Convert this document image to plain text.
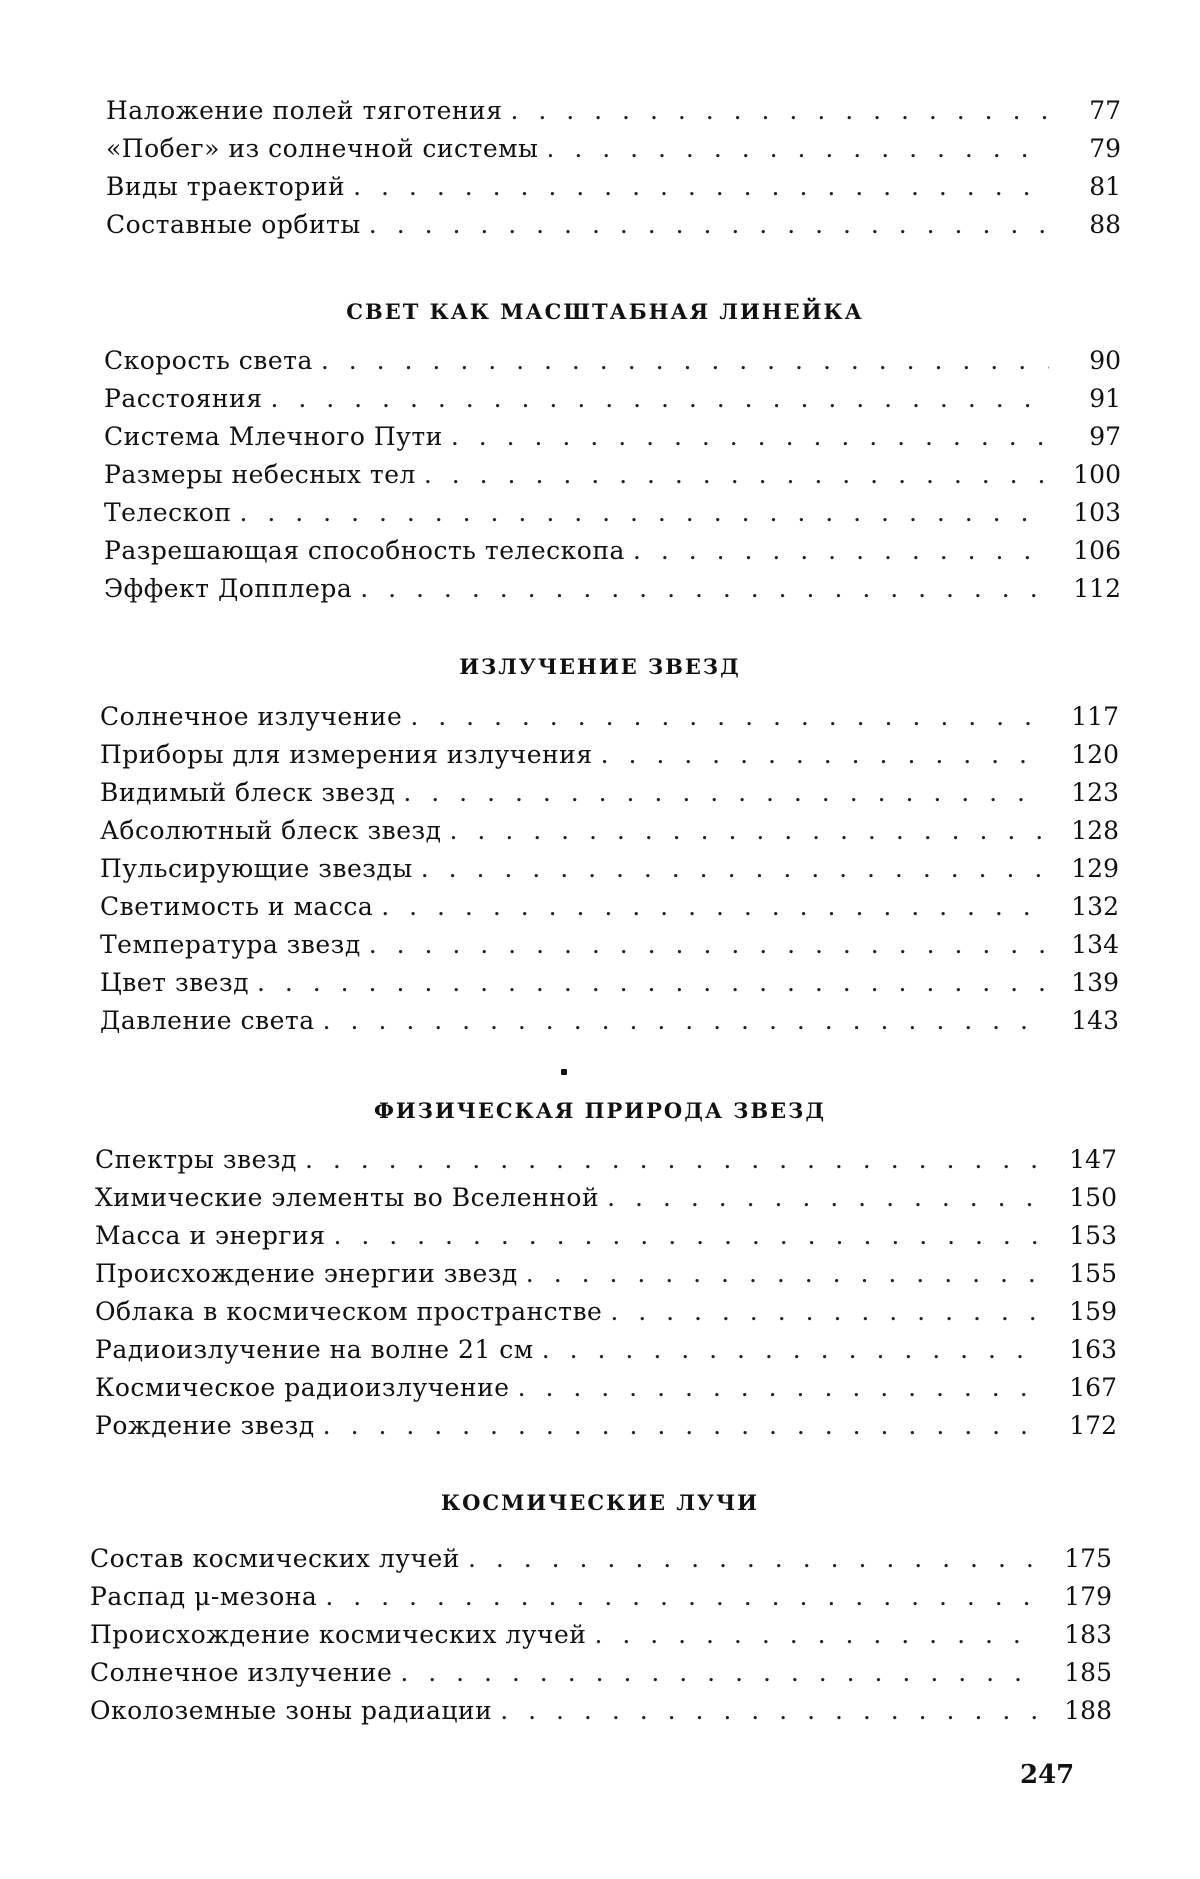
Наложение полей тяготения . . .	77
«Побег» из солнечной системы . . .	79
Виды траекторий . . .	81
Составные орбиты . . .	88
СВЕТ КАК МАСШТАБНАЯ ЛИНЕЙКА
Скорость света . . .	90
Расстояния . . .	91
Система Млечного Пути . . .	97
Размеры небесных тел . . .	100
Телескоп . . .	103
Разрешающая способность телескопа . . .	106
Эффект Допплера . . .	112
ИЗЛУЧЕНИЕ ЗВЕЗД
Солнечное излучение . . .	117
Приборы для измерения излучения . . .	120
Видимый блеск звезд . . .	123
Абсолютный блеск звезд . . .	128
Пульсирующие звезды . . .	129
Светимость и масса . . .	132
Температура звезд . . .	134
Цвет звезд . . .	139
Давление света . . .	143
ФИЗИЧЕСКАЯ ПРИРОДА ЗВЕЗД
Спектры звезд . . .	147
Химические элементы во Вселенной . . .	150
Масса и энергия . . .	153
Происхождение энергии звезд . . .	155
Облака в космическом пространстве . . .	159
Радиоизлучение на волне 21 см . . .	163
Космическое радиоизлучение . . .	167
Рождение звезд . . .	172
КОСМИЧЕСКИЕ ЛУЧИ
Состав космических лучей . . .	175
Распад μ-мезона . . .	179
Происхождение космических лучей . . .	183
Солнечное излучение . . .	185
Околоземные зоны радиации . . .	188
247
